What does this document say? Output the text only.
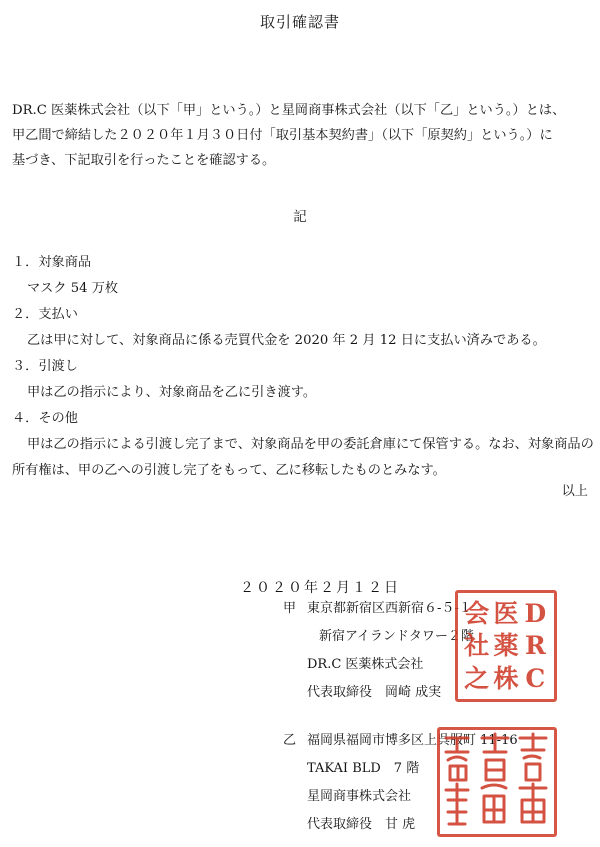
取引確認書
DR.C 医薬株式会社（以下「甲」という。）と星岡商事株式会社（以下「乙」という。）とは、
甲乙間で締結した２０２０年１月３０日付「取引基本契約書」（以下「原契約」という。）に
基づき、下記取引を行ったことを確認する。
記
１．対象商品
マスク 54 万枚
２．支払い
乙は甲に対して、対象商品に係る売買代金を 2020 年 2 月 12 日に支払い済みである。
３．引渡し
甲は乙の指示により、対象商品を乙に引き渡す。
４．その他
甲は乙の指示による引渡し完了まで、対象商品を甲の委託倉庫にて保管する。なお、対象商品の所有権は、甲の乙への引渡し完了をもって、乙に移転したものとみなす。
以上
２０２０年２月１２日
甲 東京都新宿区西新宿６-５-１
新宿アイランドタワー２階
DR.C 医薬株式会社
代表取締役　岡崎 成実
乙 福岡県福岡市博多区上呉服町 11-16
TAKAI BLD　7 階
星岡商事株式会社
代表取締役　甘 虎
会 医 D
社 薬 R
之 株 C
